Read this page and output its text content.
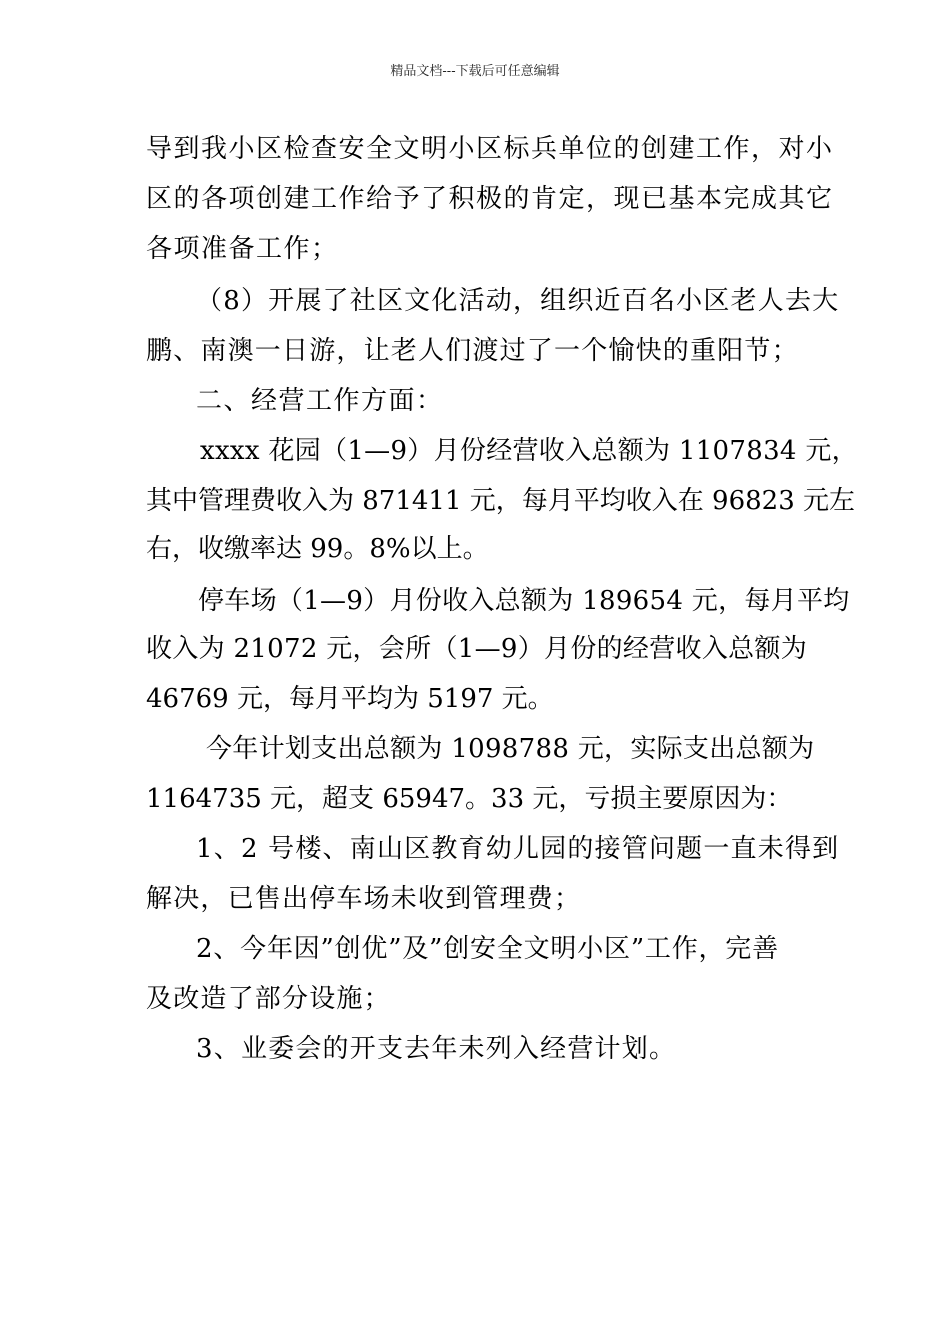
精品文档---下载后可任意编辑
导到我小区检查安全文明小区标兵单位的创建工作，对小
区的各项创建工作给予了积极的肯定，现已基本完成其它
各项准备工作；
（8）开展了社区文化活动，组织近百名小区老人去大
鹏、南澳一日游，让老人们渡过了一个愉快的重阳节；
二、经营工作方面：
xxxx 花园（1—9）月份经营收入总额为 1107834 元，
其中管理费收入为 871411 元，每月平均收入在 96823 元左
右，收缴率达 99。8%以上。
停车场（1—9）月份收入总额为 189654 元，每月平均
收入为 21072 元，会所（1—9）月份的经营收入总额为
46769 元，每月平均为 5197 元。
今年计划支出总额为 1098788 元，实际支出总额为
1164735 元，超支 65947。33 元，亏损主要原因为：
1、2 号楼、南山区教育幼儿园的接管问题一直未得到
解决，已售出停车场未收到管理费；
2、今年因”创优”及”创安全文明小区”工作，完善
及改造了部分设施；
3、业委会的开支去年未列入经营计划。
